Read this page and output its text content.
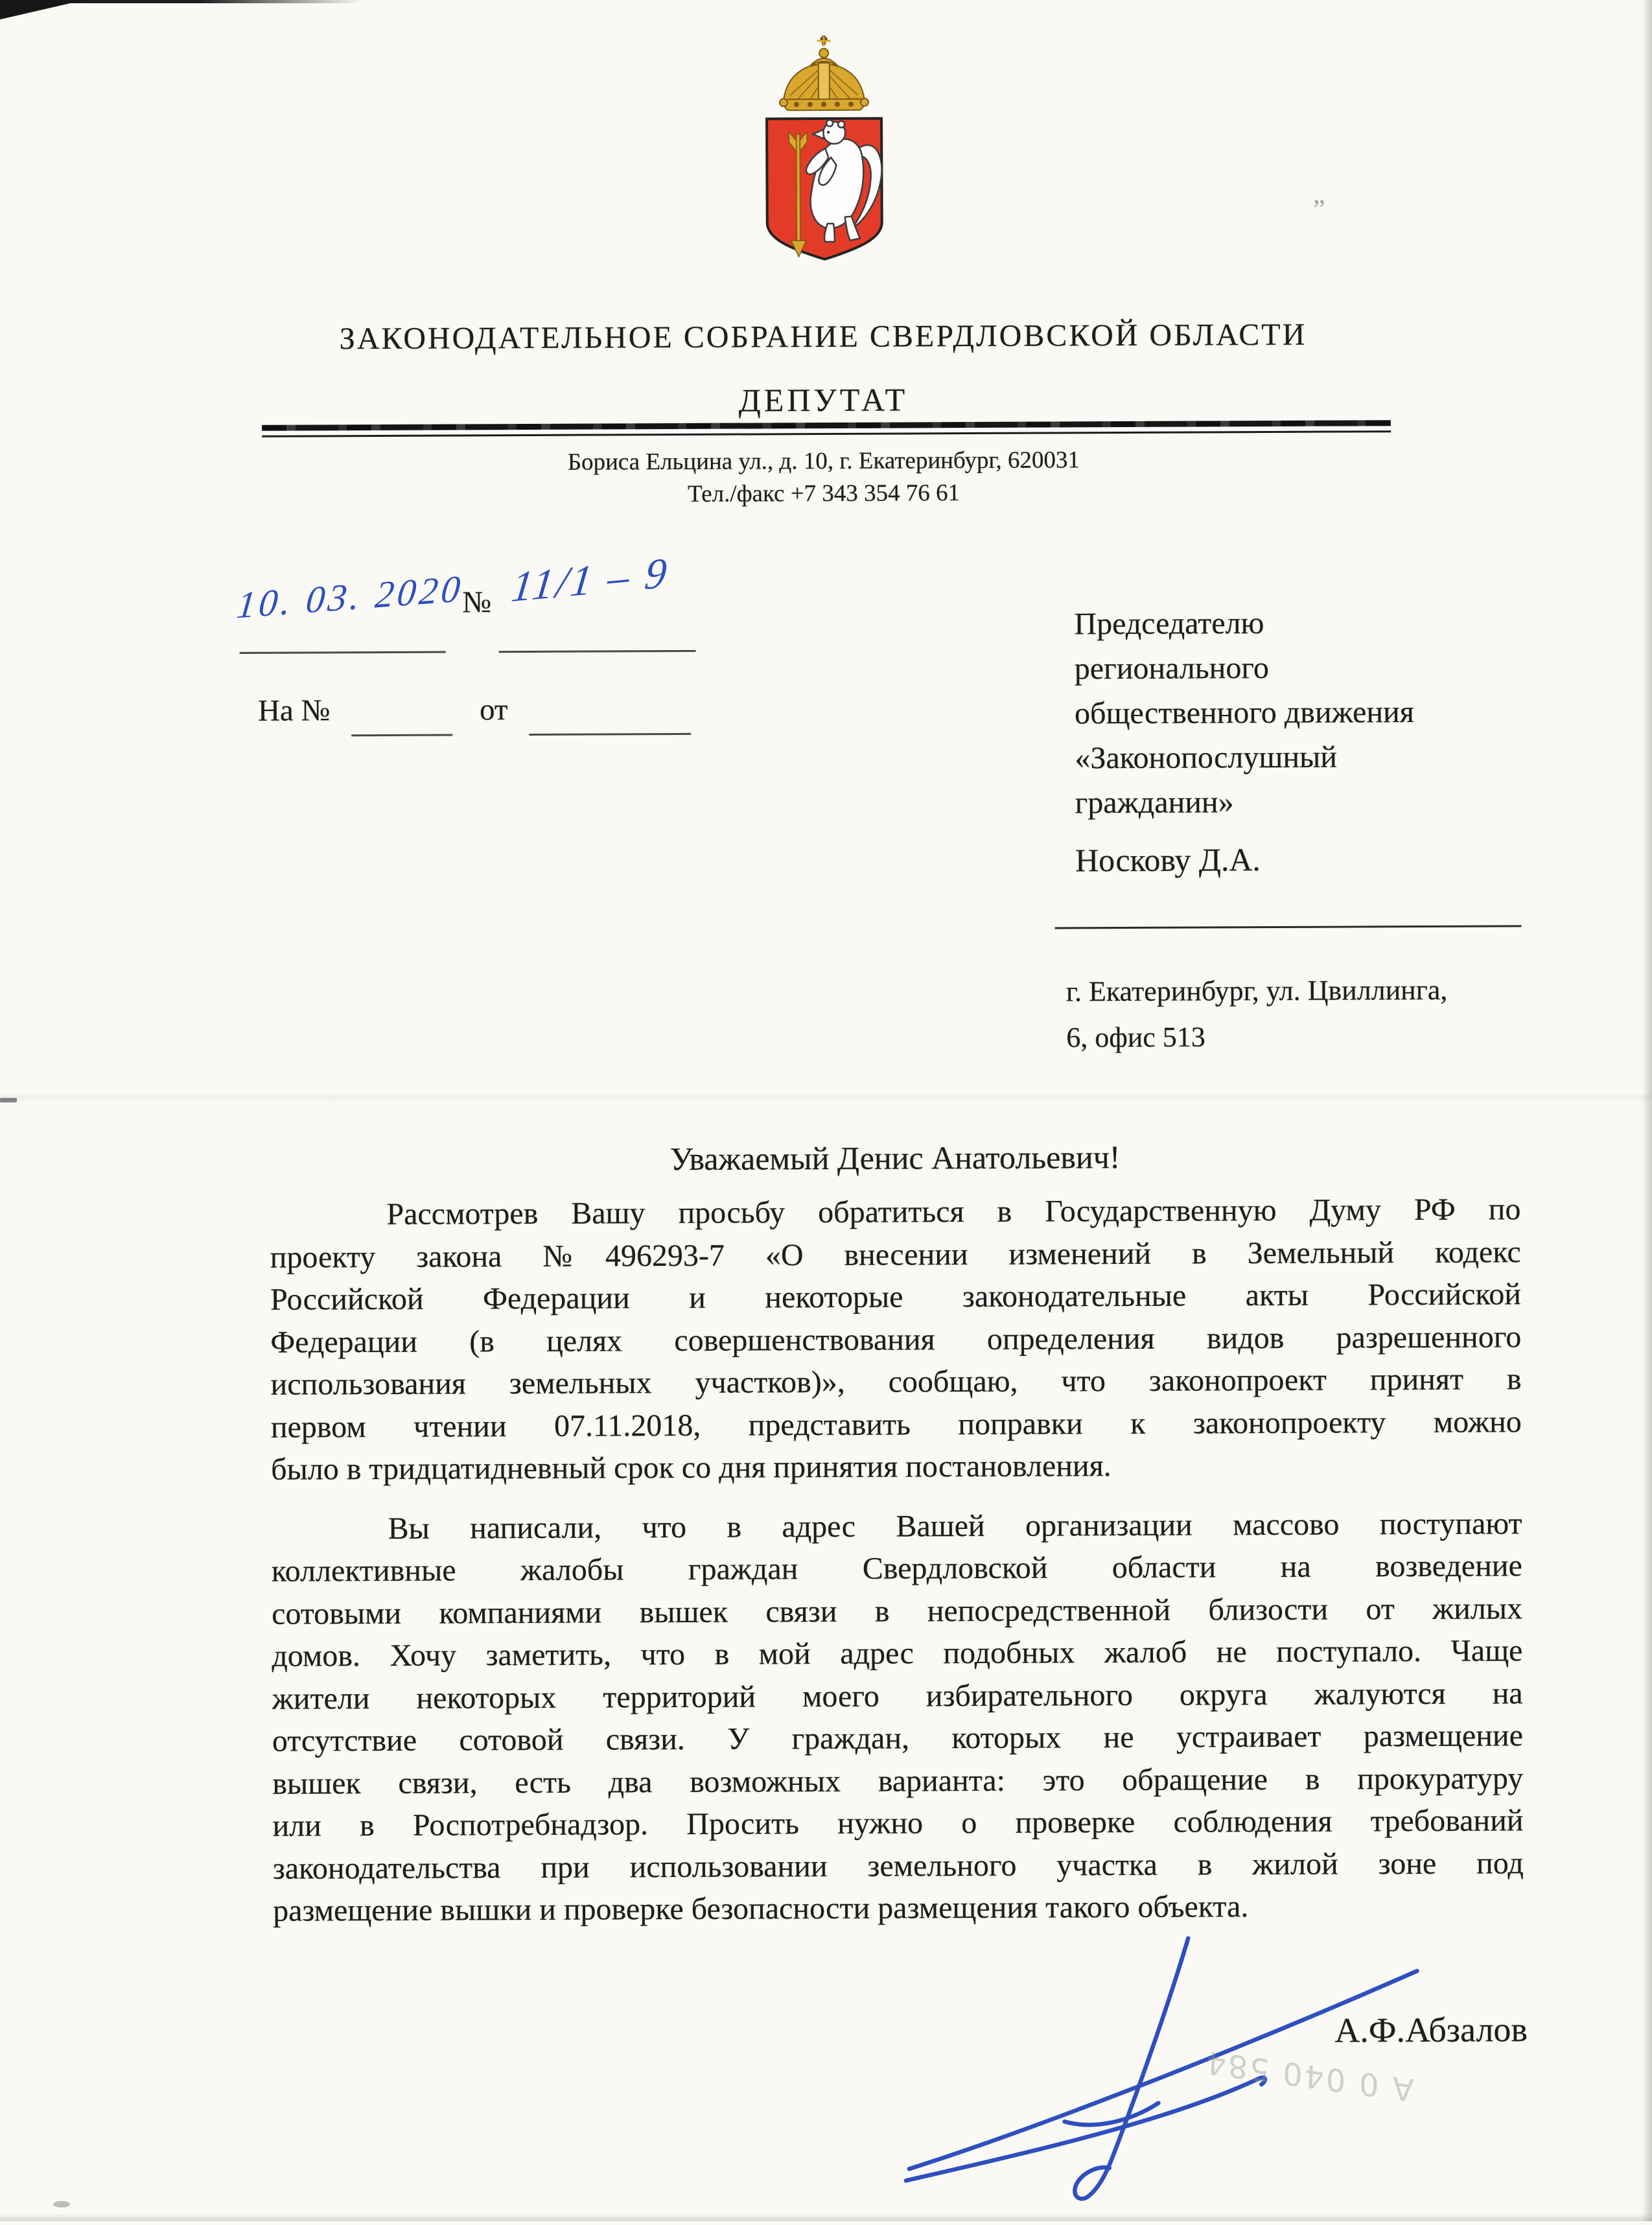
ЗАКОНОДАТЕЛЬНОЕ СОБРАНИЕ СВЕРДЛОВСКОЙ ОБЛАСТИ
ДЕПУТАТ
Бориса Ельцина ул., д. 10, г. Екатеринбург, 620031
Тел./факс +7 343 354 76 61
10. 03. 2020
№ 11/1 – 9
На №	от
Председателю
регионального
общественного движения
«Законопослушный
гражданин»
Носкову Д.А.
г. Екатеринбург, ул. Цвиллинга,
6, офис 513
Уважаемый Денис Анатольевич!
Рассмотрев Вашу просьбу обратиться в Государственную Думу РФ по
проекту закона №496293-7 «О внесении изменений в Земельный кодекс
Российской Федерации и некоторые законодательные акты Российской
Федерации (в целях совершенствования определения видов разрешенного
использования земельных участков)», сообщаю, что законопроект принят в
первом чтении 07.11.2018, представить поправки к законопроекту можно
было в тридцатидневный срок со дня принятия постановления.
Вы написали, что в адрес Вашей организации массово поступают
коллективные жалобы граждан Свердловской области на возведение
сотовыми компаниями вышек связи в непосредственной близости от жилых
домов. Хочу заметить, что в мой адрес подобных жалоб не поступало. Чаще
жители некоторых территорий моего избирательного округа жалуются на
отсутствие сотовой связи. У граждан, которых не устраивает размещение
вышек связи, есть два возможных варианта: это обращение в прокуратуру
или в Роспотребнадзор. Просить нужно о проверке соблюдения требований
законодательства при использовании земельного участка в жилой зоне под
размещение вышки и проверке безопасности размещения такого объекта.
А.Ф.Абзалов
А 0 040 584
”
